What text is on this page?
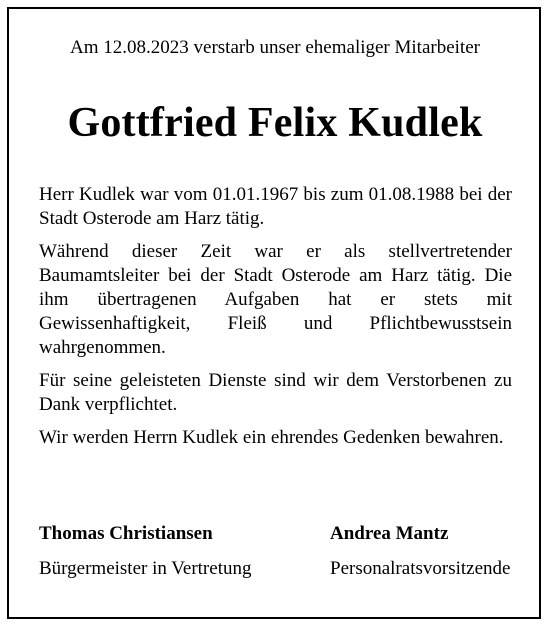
Am 12.08.2023 verstarb unser ehemaliger Mitarbeiter
Gottfried Felix Kudlek

Herr Kudlek war vom 01.01.1967 bis zum 01.08.1988 bei der Stadt Osterode am Harz tätig.

Während dieser Zeit war er als stellvertretender Baumamtsleiter bei der Stadt Osterode am Harz tätig. Die ihm übertragenen Aufgaben hat er stets mit Gewissenhaftigkeit, Fleiß und Pflichtbewusstsein wahrgenommen.

Für seine geleisteten Dienste sind wir dem Verstorbenen zu Dank verpflichtet.

Wir werden Herrn Kudlek ein ehrendes Gedenken bewahren.

Thomas Christiansen
Bürgermeister in Vertretung
Andrea Mantz
Personalratsvorsitzende
